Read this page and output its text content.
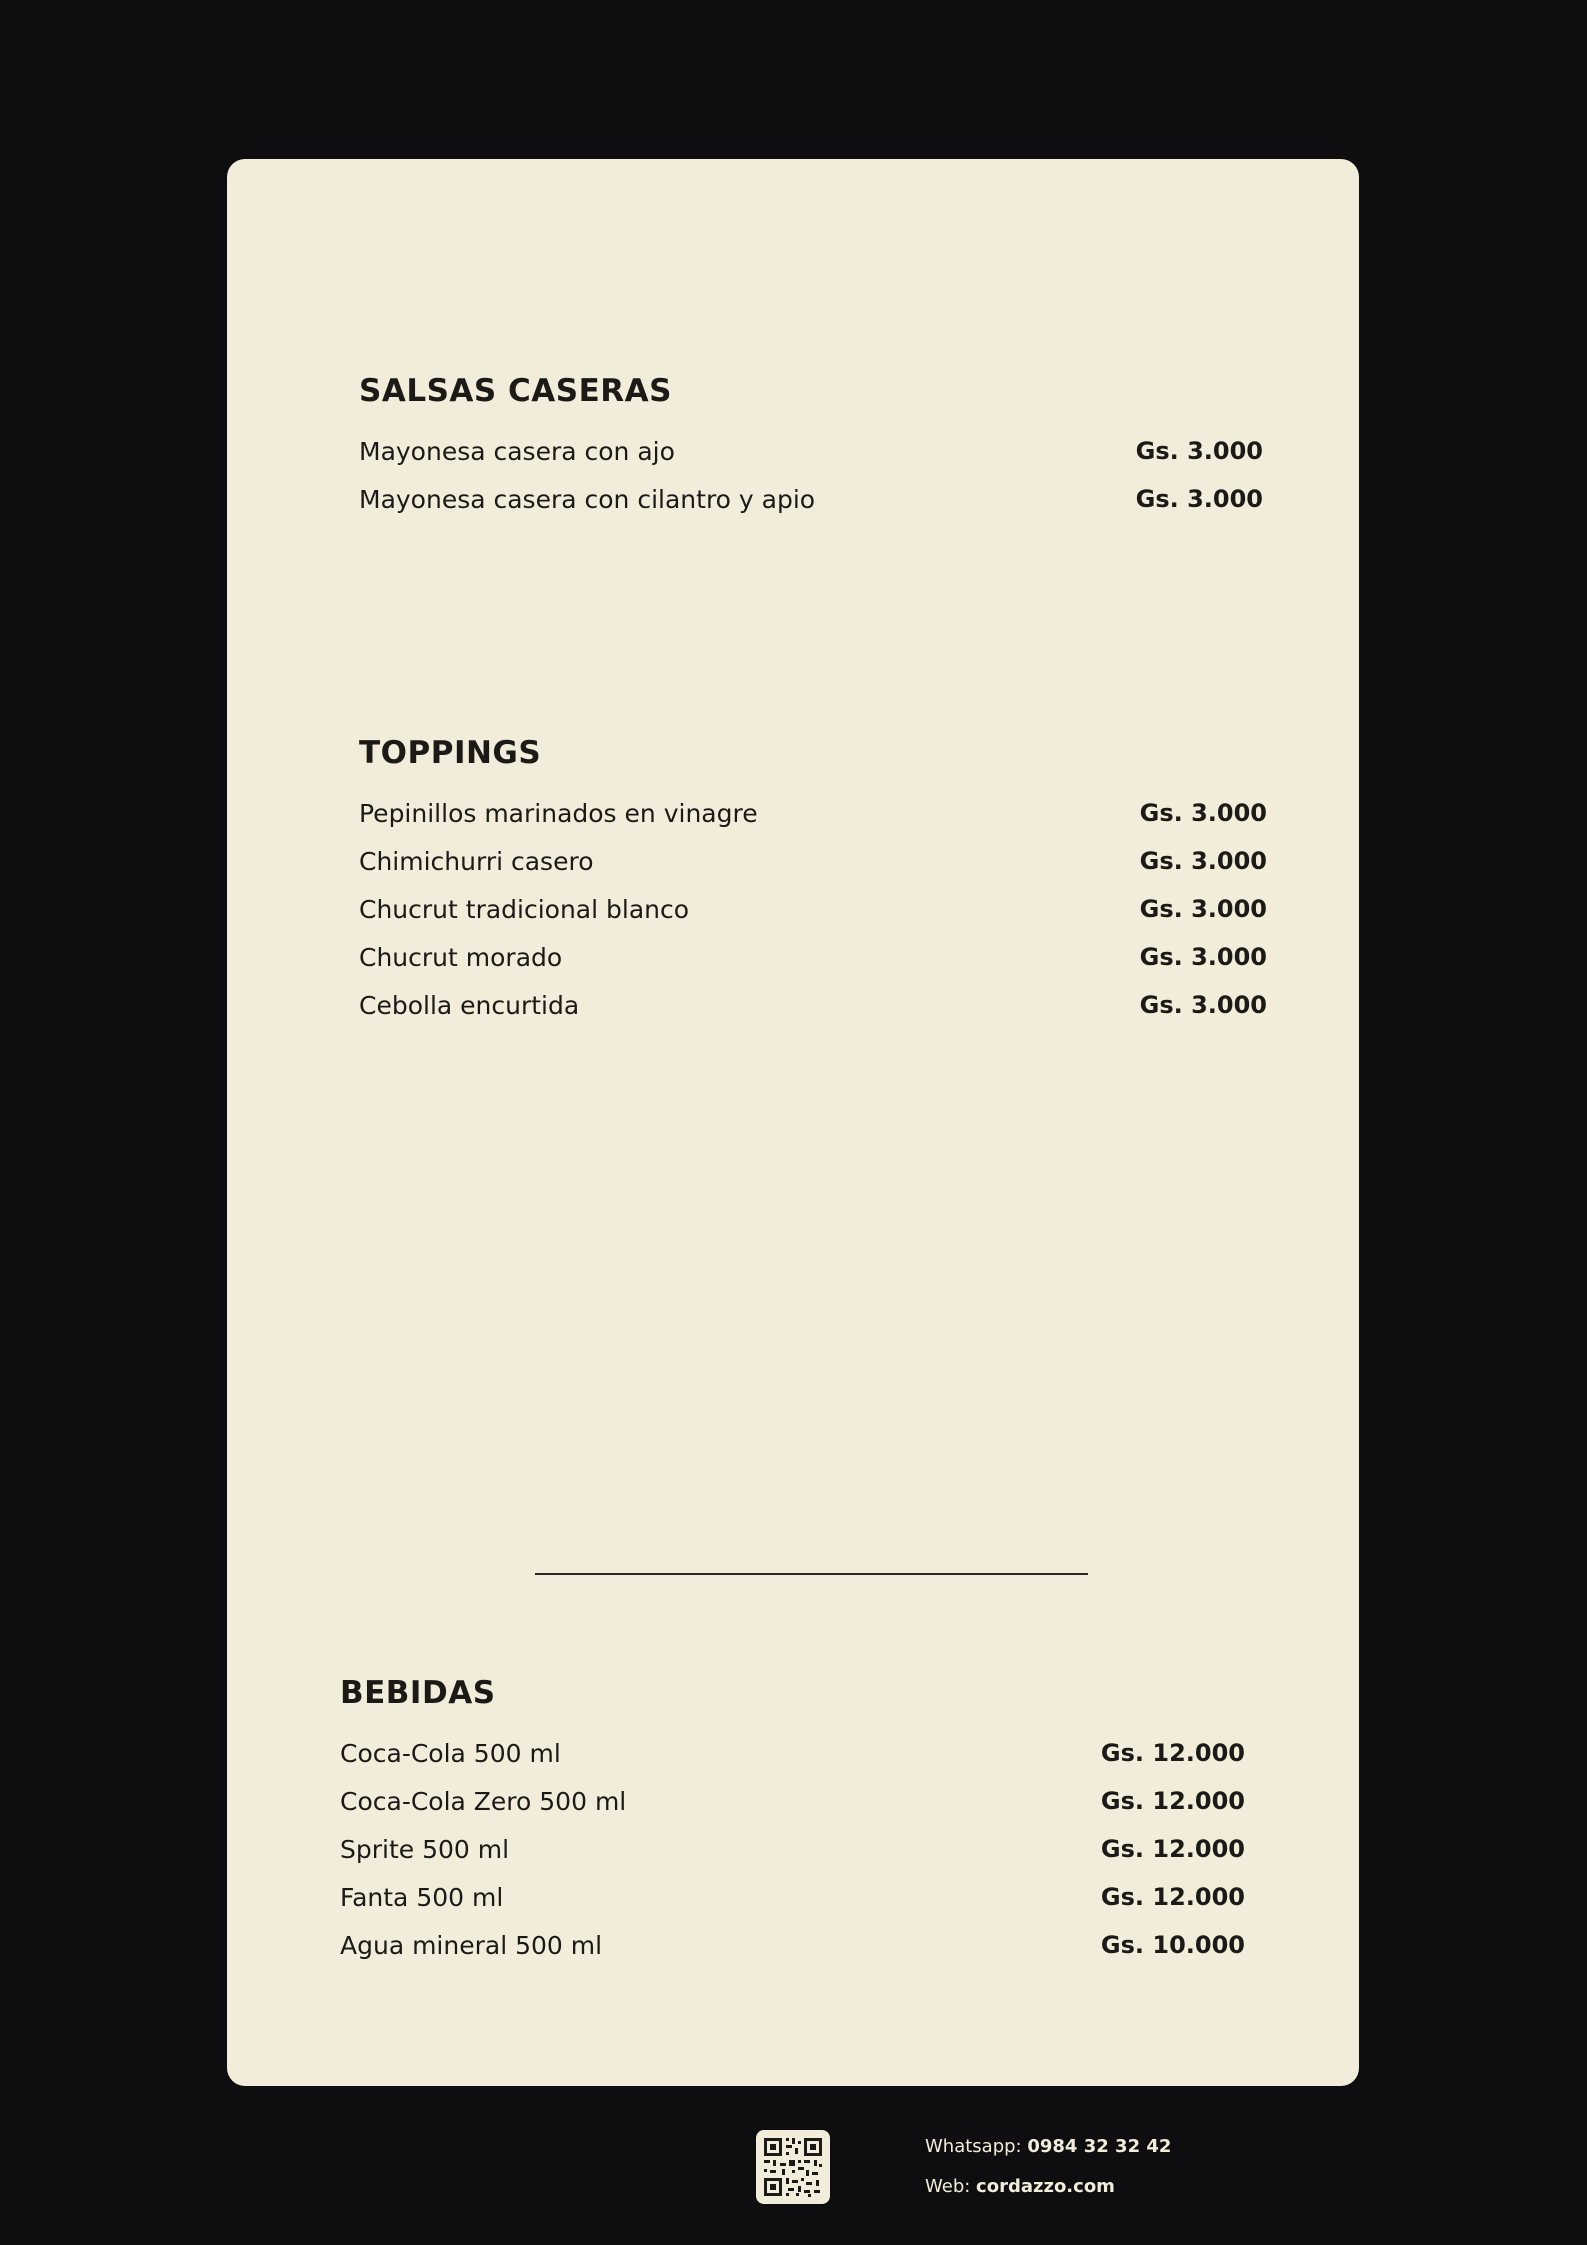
SALSAS CASERAS
Mayonesa casera con ajo	Gs. 3.000
Mayonesa casera con cilantro y apio	Gs. 3.000
TOPPINGS
Pepinillos marinados en vinagre	Gs. 3.000
Chimichurri casero	Gs. 3.000
Chucrut tradicional blanco	Gs. 3.000
Chucrut morado	Gs. 3.000
Cebolla encurtida	Gs. 3.000
BEBIDAS
Coca-Cola 500 ml	Gs. 12.000
Coca-Cola Zero 500 ml	Gs. 12.000
Sprite 500 ml	Gs. 12.000
Fanta 500 ml	Gs. 12.000
Agua mineral 500 ml	Gs. 10.000
Whatsapp: 0984 32 32 42
Web: cordazzo.com
